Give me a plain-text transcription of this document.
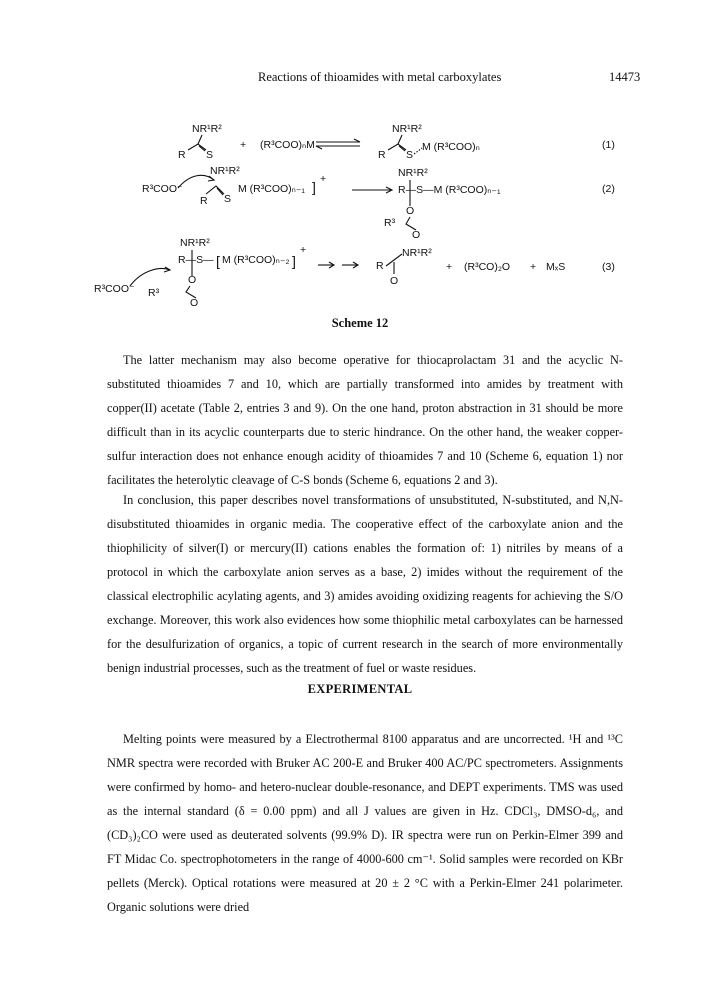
Reactions of thioamides with metal carboxylates	14473
NR¹R²
R S
+ (R³COO)ₙM
NR¹R²
R S
M (R³COO)ₙ	(1)
R³COO⁻
NR¹R²
R S
M (R³COO)ₙ₋₁ ] +	NR¹R²
R—S—M (R³COO)ₙ₋₁
O
R³
O
(2)
NR¹R²
R—S— [ M (R³COO)ₙ₋₂ ]
+
R³COO⁻
O
R³
O
R
NR¹R²
O
+ (R³CO)₂O + MₓS	(3)
Scheme 12

The latter mechanism may also become operative for thiocaprolactam 31 and the acyclic N-substituted thioamides 7 and 10, which are partially transformed into amides by treatment with copper(II) acetate (Table 2, entries 3 and 9). On the one hand, proton abstraction in 31 should be more difficult than in its acyclic counterparts due to steric hindrance. On the other hand, the weaker copper-sulfur interaction does not enhance enough acidity of thioamides 7 and 10 (Scheme 6, equation 1) nor facilitates the heterolytic cleavage of C-S bonds (Scheme 6, equations 2 and 3).

In conclusion, this paper describes novel transformations of unsubstituted, N-substituted, and N,N-disubstituted thioamides in organic media. The cooperative effect of the carboxylate anion and the thiophilicity of silver(I) or mercury(II) cations enables the formation of: 1) nitriles by means of a protocol in which the carboxylate anion serves as a base, 2) imides without the requirement of the classical electrophilic acylating agents, and 3) amides avoiding oxidizing reagents for achieving the S/O exchange. Moreover, this work also evidences how some thiophilic metal carboxylates can be harnessed for the desulfurization of organics, a topic of current research in the search of more environmentally benign industrial processes, such as the treatment of fuel or waste residues.

EXPERIMENTAL

Melting points were measured by a Electrothermal 8100 apparatus and are uncorrected. ¹H and ¹³C NMR spectra were recorded with Bruker AC 200-E and Bruker 400 AC/PC spectrometers. Assignments were confirmed by homo- and hetero-nuclear double-resonance, and DEPT experiments. TMS was used as the internal standard (δ = 0.00 ppm) and all J values are given in Hz. CDCl₃, DMSO-d₆, and (CD₃)₂CO were used as deuterated solvents (99.9% D). IR spectra were run on Perkin-Elmer 399 and FT Midac Co. spectrophotometers in the range of 4000-600 cm⁻¹. Solid samples were recorded on KBr pellets (Merck). Optical rotations were measured at 20 ± 2 °C with a Perkin-Elmer 241 polarimeter. Organic solutions were dried
